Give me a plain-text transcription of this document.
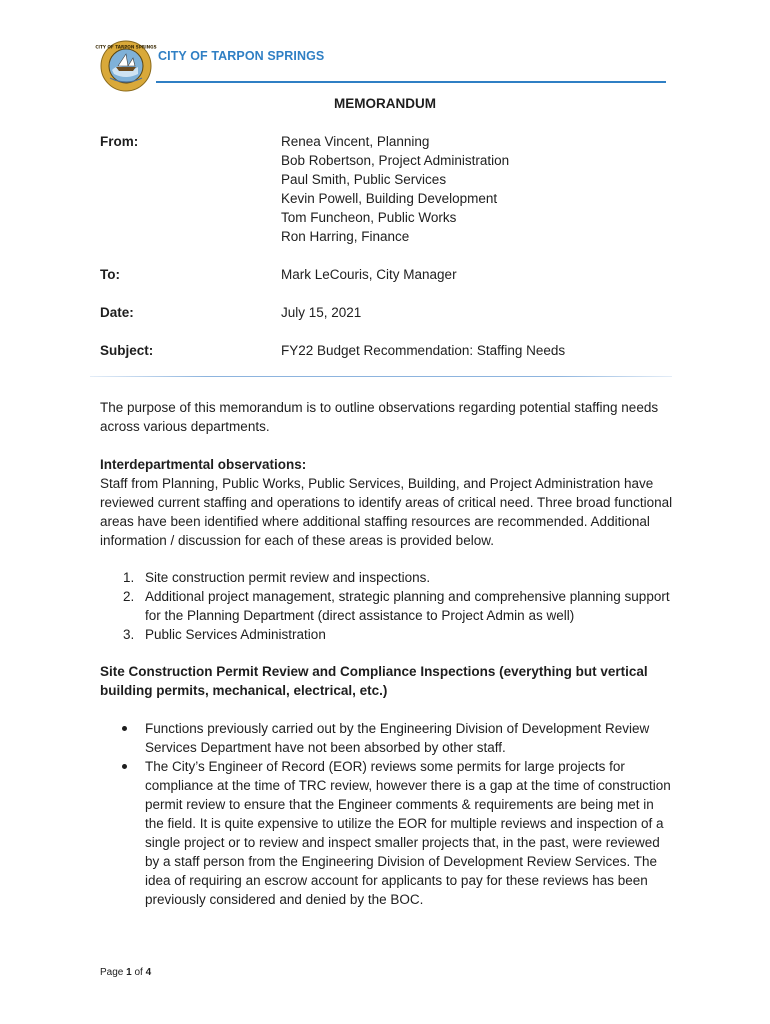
CITY OF TARPON SPRINGS
CITY OF TARPON SPRINGS
MEMORANDUM
From:	Renea Vincent, Planning
Bob Robertson, Project Administration
Paul Smith, Public Services
Kevin Powell, Building Development
Tom Funcheon, Public Works
Ron Harring, Finance
To:	Mark LeCouris, City Manager
Date:	July 15, 2021
Subject:	FY22 Budget Recommendation: Staffing Needs
The purpose of this memorandum is to outline observations regarding potential staffing needs across various departments.
Interdepartmental observations:
Staff from Planning, Public Works, Public Services, Building, and Project Administration have reviewed current staffing and operations to identify areas of critical need. Three broad functional areas have been identified where additional staffing resources are recommended. Additional information / discussion for each of these areas is provided below.
1. Site construction permit review and inspections.
2. Additional project management, strategic planning and comprehensive planning support for the Planning Department (direct assistance to Project Admin as well)
3. Public Services Administration
Site Construction Permit Review and Compliance Inspections (everything but vertical building permits, mechanical, electrical, etc.)
Functions previously carried out by the Engineering Division of Development Review Services Department have not been absorbed by other staff.
The City’s Engineer of Record (EOR) reviews some permits for large projects for compliance at the time of TRC review, however there is a gap at the time of construction permit review to ensure that the Engineer comments & requirements are being met in the field. It is quite expensive to utilize the EOR for multiple reviews and inspection of a single project or to review and inspect smaller projects that, in the past, were reviewed by a staff person from the Engineering Division of Development Review Services. The idea of requiring an escrow account for applicants to pay for these reviews has been previously considered and denied by the BOC.
Page 1 of 4
